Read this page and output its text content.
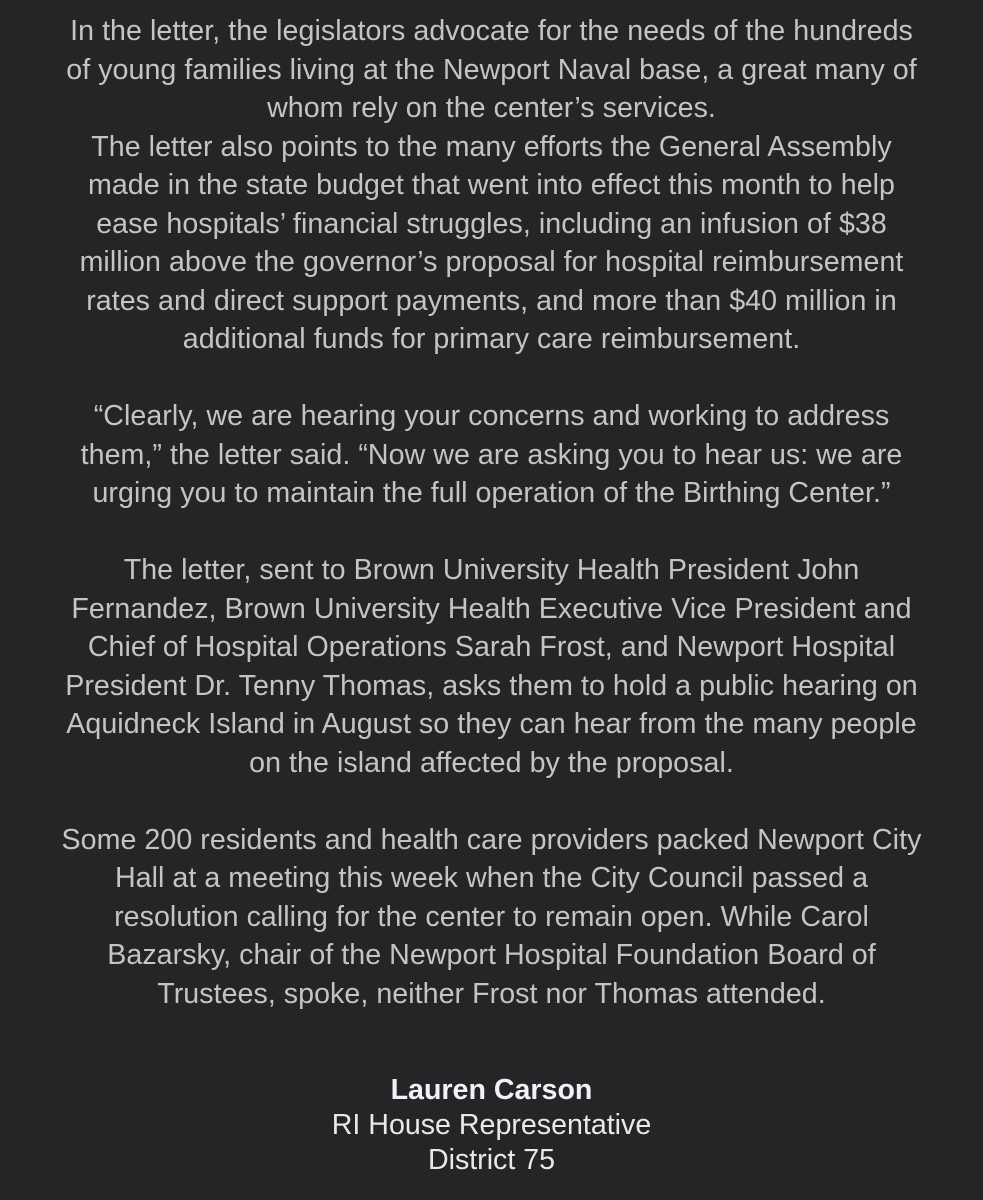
In the letter, the legislators advocate for the needs of the hundreds
of young families living at the Newport Naval base, a great many of
whom rely on the center’s services.
The letter also points to the many efforts the General Assembly
made in the state budget that went into effect this month to help
ease hospitals’ financial struggles, including an infusion of $38
million above the governor’s proposal for hospital reimbursement
rates and direct support payments, and more than $40 million in
additional funds for primary care reimbursement.

“Clearly, we are hearing your concerns and working to address
them,” the letter said. “Now we are asking you to hear us: we are
urging you to maintain the full operation of the Birthing Center.”

The letter, sent to Brown University Health President John
Fernandez, Brown University Health Executive Vice President and
Chief of Hospital Operations Sarah Frost, and Newport Hospital
President Dr. Tenny Thomas, asks them to hold a public hearing on
Aquidneck Island in August so they can hear from the many people
on the island affected by the proposal.

Some 200 residents and health care providers packed Newport City
Hall at a meeting this week when the City Council passed a
resolution calling for the center to remain open. While Carol
Bazarsky, chair of the Newport Hospital Foundation Board of
Trustees, spoke, neither Frost nor Thomas attended.

Lauren Carson
RI House Representative
District 75
